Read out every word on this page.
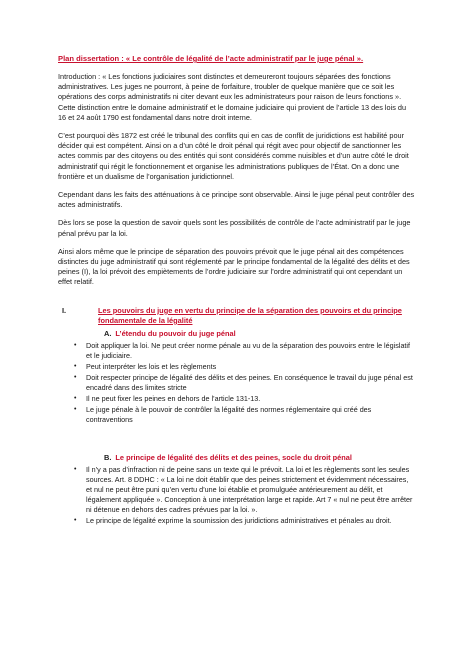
Plan dissertation : « Le contrôle de légalité de l’acte administratif par le juge pénal ».

Introduction : « Les fonctions judiciaires sont distinctes et demeureront toujours séparées des fonctions administratives. Les juges ne pourront, à peine de forfaiture, troubler de quelque manière que ce soit les opérations des corps administratifs ni citer devant eux les administrateurs pour raison de leurs fonctions ». Cette distinction entre le domaine administratif et le domaine judiciaire qui provient de l’article 13 des lois du 16 et 24 août 1790 est fondamental dans notre droit interne.

C’est pourquoi dès 1872 est créé le tribunal des conflits qui en cas de conflit de juridictions est habilité pour décider qui est compétent. Ainsi on a d’un côté le droit pénal qui régit avec pour objectif de sanctionner les actes commis par des citoyens ou des entités qui sont considérés comme nuisibles et d’un autre côté le droit administratif qui régit le fonctionnement et organise les administrations publiques de l’État. On a donc une frontière et un dualisme de l’organisation juridictionnel.

Cependant dans les faits des atténuations à ce principe sont observable. Ainsi le juge pénal peut contrôler des actes administratifs.

Dès lors se pose la question de savoir quels sont les possibilités de contrôle de l’acte administratif par le juge pénal prévu par la loi.

Ainsi alors même que le principe de séparation des pouvoirs prévoit que le juge pénal ait des compétences distinctes du juge administratif qui sont réglementé par le principe fondamental de la légalité des délits et des peines (I), la loi prévoit des empiètements de l’ordre judiciaire sur l’ordre administratif qui ont cependant un effet relatif.

I.	Les pouvoirs du juge en vertu du principe de la séparation des pouvoirs et du principe fondamentale de la légalité
A. L’étendu du pouvoir du juge pénal
• Doit appliquer la loi. Ne peut créer norme pénale au vu de la séparation des pouvoirs entre le législatif et le judiciaire.
• Peut interpréter les lois et les règlements
• Doit respecter principe de légalité des délits et des peines. En conséquence le travail du juge pénal est encadré dans des limites stricte
• Il ne peut fixer les peines en dehors de l’article 131-13.
• Le juge pénale à le pouvoir de contrôler la légalité des normes réglementaire qui créé des contraventions
B. Le principe de légalité des délits et des peines, socle du droit pénal
• Il n’y a pas d’infraction ni de peine sans un texte qui le prévoit. La loi et les règlements sont les seules sources. Art. 8 DDHC : « La loi ne doit établir que des peines strictement et évidemment nécessaires, et nul ne peut être puni qu’en vertu d’une loi établie et promulguée antérieurement au délit, et légalement appliquée ». Conception à une interprétation large et rapide. Art 7 « nul ne peut être arrêter ni détenue en dehors des cadres prévues par la loi. ».
• Le principe de légalité exprime la soumission des juridictions administratives et pénales au droit.
